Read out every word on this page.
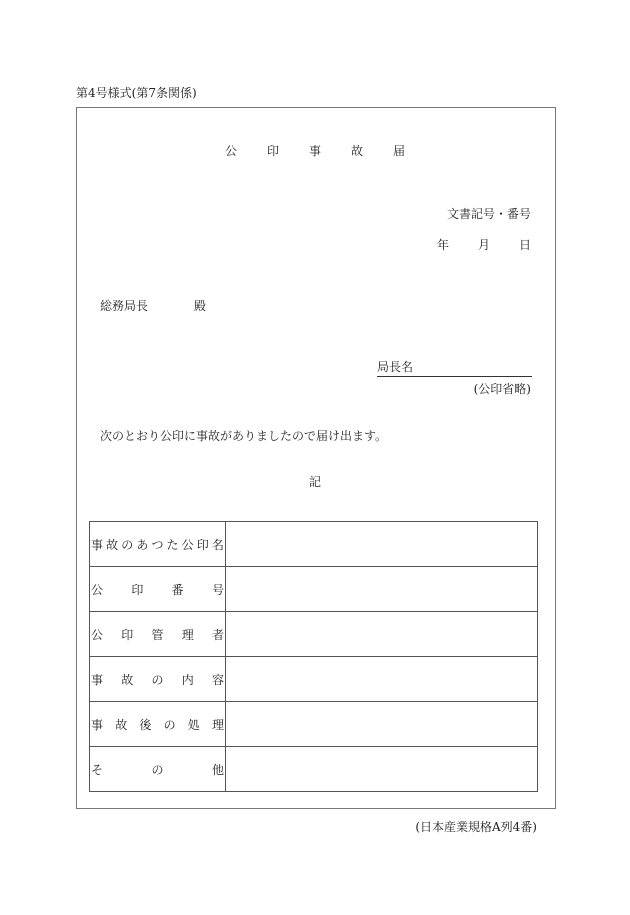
第4号様式(第7条関係)
公	印	事	故	届
文書記号・番号
年	月	日
総務局長	殿
局長名
(公印省略)
次のとおり公印に事故がありましたので届け出ます。
記
事 故 の あ つ た 公 印 名

公 印 番 号	

公 印 管 理 者	

事 故 の 内 容	

事 故 後 の 処 理

そ の 他	

(日本産業規格A列4番)
